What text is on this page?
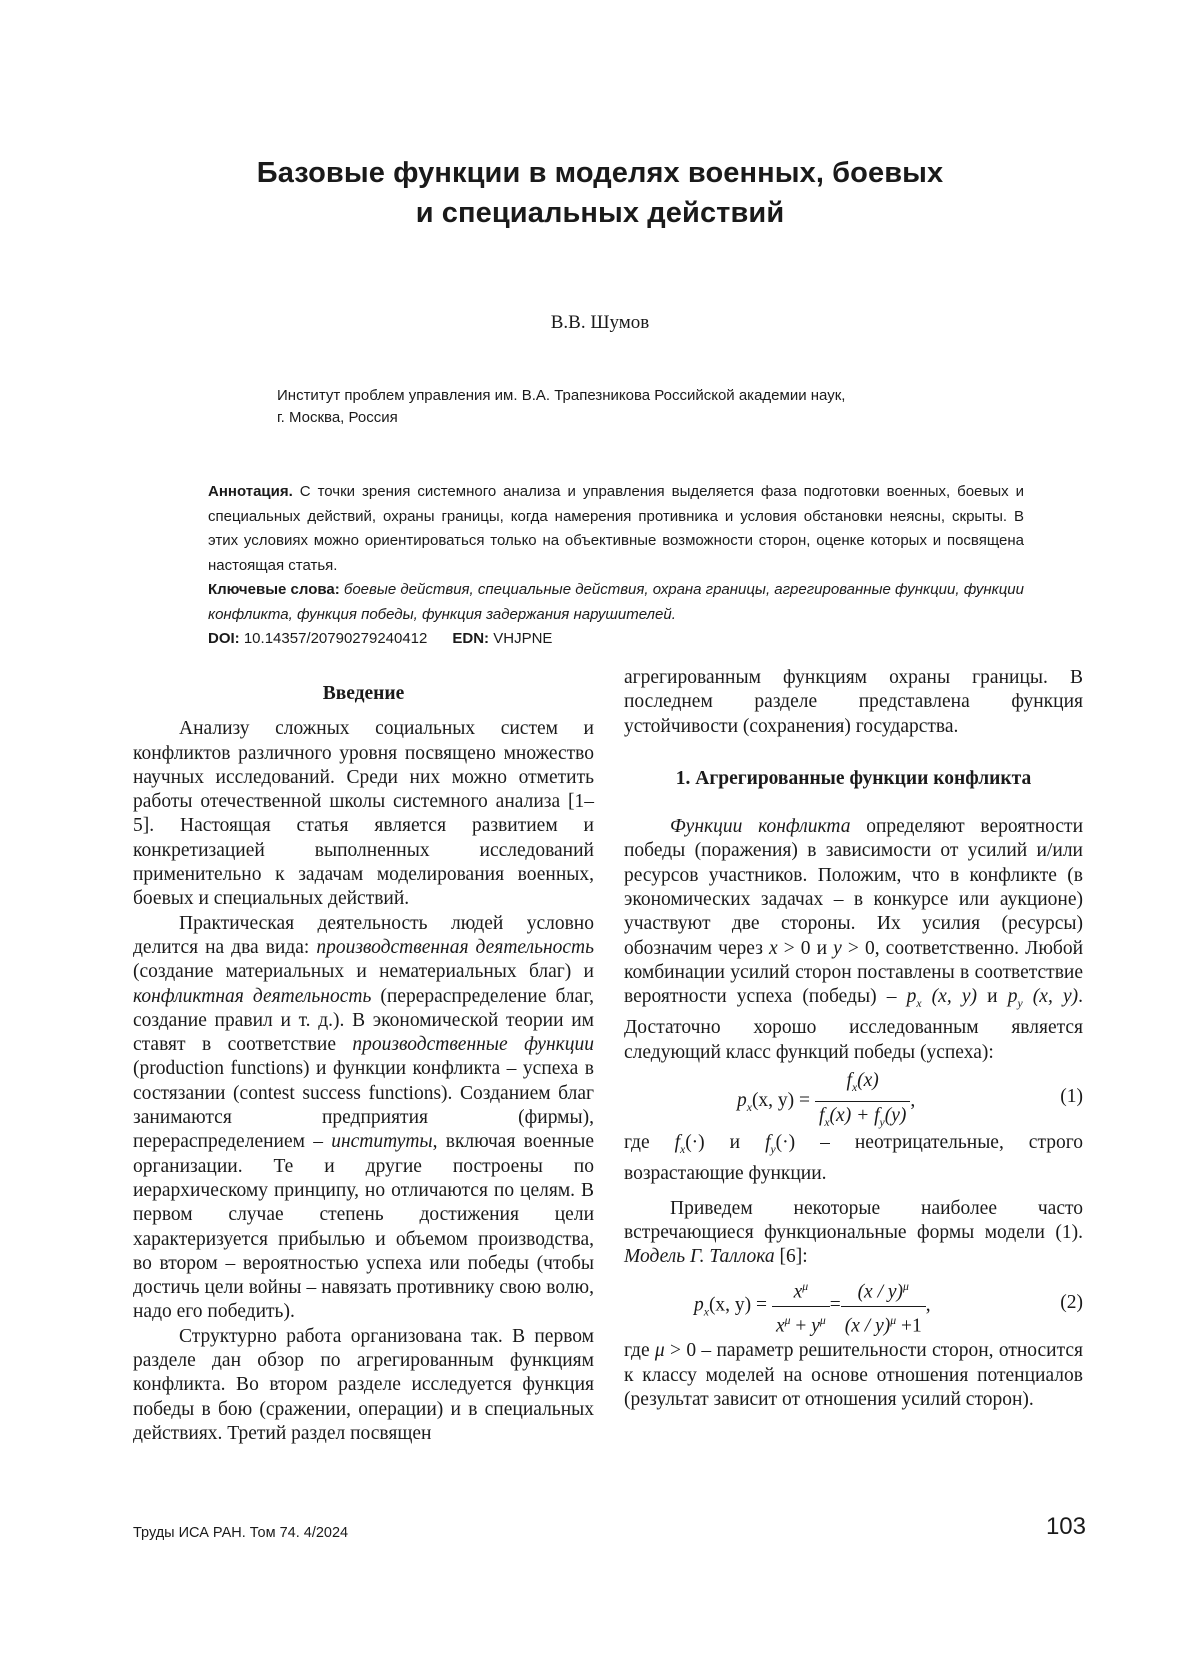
Базовые функции в моделях военных, боевых
и специальных действий
В.В. Шумов
Институт проблем управления им. В.А. Трапезникова Российской академии наук,
г. Москва, Россия

Аннотация. С точки зрения системного анализа и управления выделяется фаза подготовки военных, боевых и специальных действий, охраны границы, когда намерения противника и условия обстановки неясны, скрыты. В этих условиях можно ориентироваться только на объективные возможности сторон, оценке которых и посвящена настоящая статья.

Ключевые слова: боевые действия, специальные действия, охрана границы, агрегированные функции, функции конфликта, функция победы, функция задержания нарушителей.

DOI: 10.14357/20790279240412 EDN: VHJPNE

Введение

Анализу сложных социальных систем и конфликтов различного уровня посвящено множество научных исследований. Среди них можно отметить работы отечественной школы системного анализа [1–5]. Настоящая статья является развитием и конкретизацией выполненных исследований применительно к задачам моделирования военных, боевых и специальных действий.

Практическая деятельность людей условно делится на два вида: производственная деятельность (создание материальных и нематериальных благ) и конфликтная деятельность (перераспределение благ, создание правил и т. д.). В экономической теории им ставят в соответствие производственные функции (production functions) и функции конфликта – успеха в состязании (contest success functions). Созданием благ занимаются предприятия (фирмы), перераспределением – институты, включая военные организации. Те и другие построены по иерархическому принципу, но отличаются по целям. В первом случае степень достижения цели характеризуется прибылью и объемом производства, во втором – вероятностью успеха или победы (чтобы достичь цели войны – навязать противнику свою волю, надо его победить).

Структурно работа организована так. В первом разделе дан обзор по агрегированным функциям конфликта. Во втором разделе исследуется функция победы в бою (сражении, операции) и в специальных действиях. Третий раздел посвящен

агрегированным функциям охраны границы. В последнем разделе представлена функция устойчивости (сохранения) государства.

1. Агрегированные функции конфликта

Функции конфликта определяют вероятности победы (поражения) в зависимости от усилий и/или ресурсов участников. Положим, что в конфликте (в экономических задачах – в конкурсе или аукционе) участвуют две стороны. Их усилия (ресурсы) обозначим через x > 0 и y > 0, соответственно. Любой комбинации усилий сторон поставлены в соответствие вероятности успеха (победы) – $p_x$ (x, y) и $p_y$ (x, y). Достаточно хорошо исследованным является следующий класс функций победы (успеха):

$p_x(x$, $y) = \frac{f_x(x)}{f_x(x) + f_y(y)}$ ,	(1)

где $f_x(\cdot)$ и $f_y(\cdot)$ – неотрицательные, строго возрастающие функции.

Приведем некоторые наиболее часто встречающиеся функциональные формы модели (1). Модель Г. Таллока [6]:

$p_x(x$, $y) = \frac{x^\mu}{x^\mu + y^\mu} = \frac{(x / y)^\mu}{(x / y)^\mu +1}$ ,	(2)

где μ > 0 – параметр решительности сторон, относится к классу моделей на основе отношения потенциалов (результат зависит от отношения усилий сторон).

Труды ИСА РАН. Том 74. 4/2024	103
